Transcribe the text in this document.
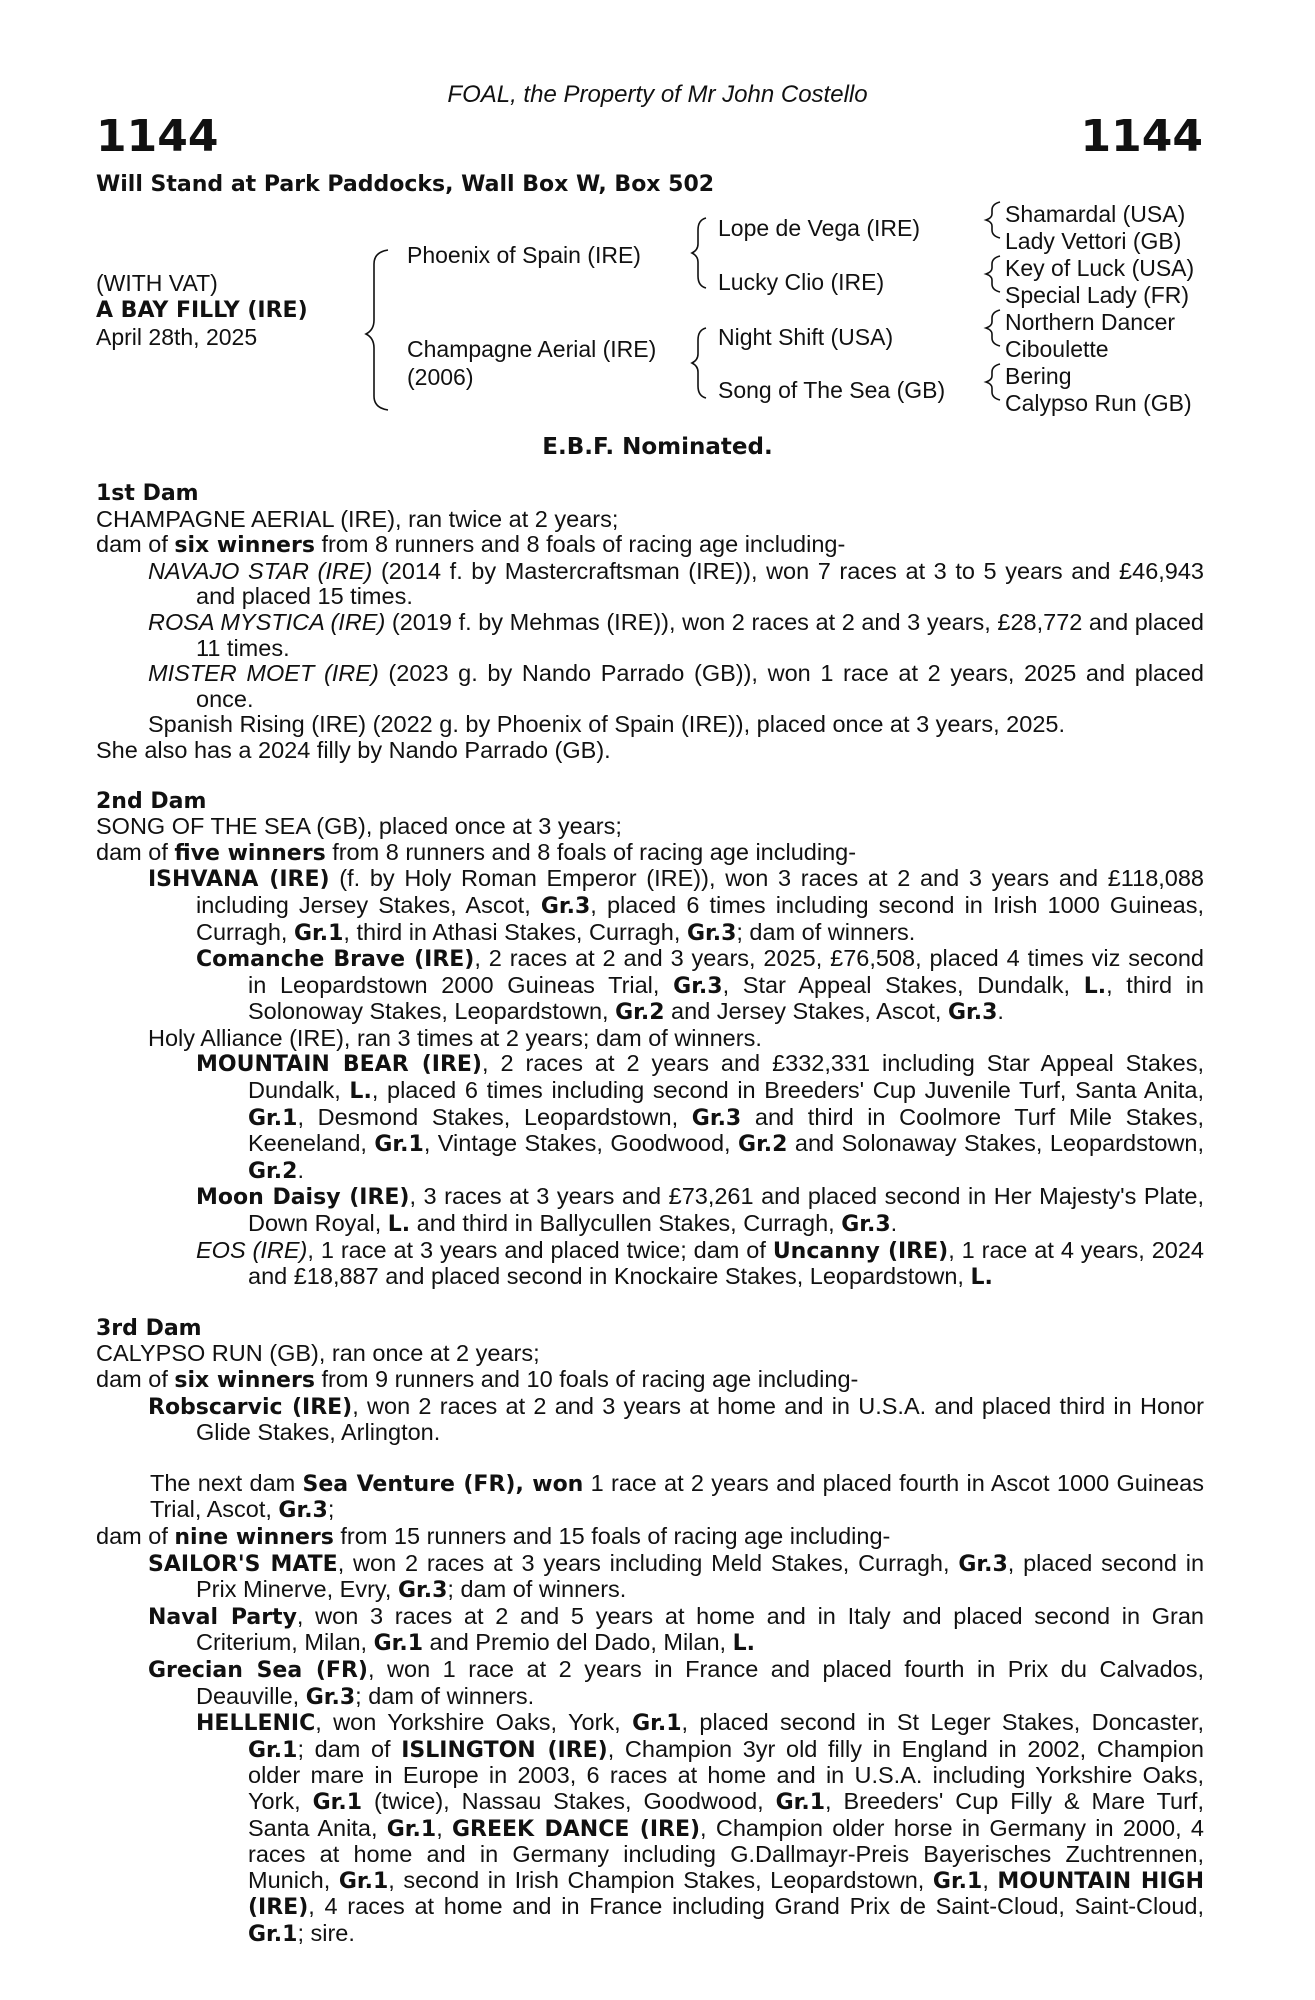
FOAL, the Property of Mr John Costello
1144	1144
Will Stand at Park Paddocks, Wall Box W, Box 502
(WITH VAT)
A BAY FILLY (IRE)
April 28th, 2025
Phoenix of Spain (IRE)
Champagne Aerial (IRE)
(2006)
Lope de Vega (IRE)
Lucky Clio (IRE)
Night Shift (USA)
Song of The Sea (GB)
Shamardal (USA)
Lady Vettori (GB)
Key of Luck (USA)
Special Lady (FR)
Northern Dancer
Ciboulette
Bering
Calypso Run (GB)
E.B.F. Nominated.
1st Dam
CHAMPAGNE AERIAL (IRE), ran twice at 2 years;
dam of six winners from 8 runners and 8 foals of racing age including-
NAVAJO STAR (IRE) (2014 f. by Mastercraftsman (IRE)), won 7 races at 3 to 5 years and £46,943 and placed 15 times.
ROSA MYSTICA (IRE) (2019 f. by Mehmas (IRE)), won 2 races at 2 and 3 years, £28,772 and placed 11 times.
MISTER MOET (IRE) (2023 g. by Nando Parrado (GB)), won 1 race at 2 years, 2025 and placed once.
Spanish Rising (IRE) (2022 g. by Phoenix of Spain (IRE)), placed once at 3 years, 2025.
She also has a 2024 filly by Nando Parrado (GB).
2nd Dam
SONG OF THE SEA (GB), placed once at 3 years;
dam of five winners from 8 runners and 8 foals of racing age including-
ISHVANA (IRE) (f. by Holy Roman Emperor (IRE)), won 3 races at 2 and 3 years and £118,088 including Jersey Stakes, Ascot, Gr.3, placed 6 times including second in Irish 1000 Guineas, Curragh, Gr.1, third in Athasi Stakes, Curragh, Gr.3; dam of winners.
Comanche Brave (IRE), 2 races at 2 and 3 years, 2025, £76,508, placed 4 times viz second in Leopardstown 2000 Guineas Trial, Gr.3, Star Appeal Stakes, Dundalk, L., third in Solonoway Stakes, Leopardstown, Gr.2 and Jersey Stakes, Ascot, Gr.3.
Holy Alliance (IRE), ran 3 times at 2 years; dam of winners.
MOUNTAIN BEAR (IRE), 2 races at 2 years and £332,331 including Star Appeal Stakes, Dundalk, L., placed 6 times including second in Breeders' Cup Juvenile Turf, Santa Anita, Gr.1, Desmond Stakes, Leopardstown, Gr.3 and third in Coolmore Turf Mile Stakes, Keeneland, Gr.1, Vintage Stakes, Goodwood, Gr.2 and Solonaway Stakes, Leopardstown, Gr.2.
Moon Daisy (IRE), 3 races at 3 years and £73,261 and placed second in Her Majesty's Plate, Down Royal, L. and third in Ballycullen Stakes, Curragh, Gr.3.
EOS (IRE), 1 race at 3 years and placed twice; dam of Uncanny (IRE), 1 race at 4 years, 2024 and £18,887 and placed second in Knockaire Stakes, Leopardstown, L.
3rd Dam
CALYPSO RUN (GB), ran once at 2 years;
dam of six winners from 9 runners and 10 foals of racing age including-
Robscarvic (IRE), won 2 races at 2 and 3 years at home and in U.S.A. and placed third in Honor Glide Stakes, Arlington.
The next dam Sea Venture (FR), won 1 race at 2 years and placed fourth in Ascot 1000 Guineas Trial, Ascot, Gr.3;
dam of nine winners from 15 runners and 15 foals of racing age including-
SAILOR'S MATE, won 2 races at 3 years including Meld Stakes, Curragh, Gr.3, placed second in Prix Minerve, Evry, Gr.3; dam of winners.
Naval Party, won 3 races at 2 and 5 years at home and in Italy and placed second in Gran Criterium, Milan, Gr.1 and Premio del Dado, Milan, L.
Grecian Sea (FR), won 1 race at 2 years in France and placed fourth in Prix du Calvados, Deauville, Gr.3; dam of winners.
HELLENIC, won Yorkshire Oaks, York, Gr.1, placed second in St Leger Stakes, Doncaster, Gr.1; dam of ISLINGTON (IRE), Champion 3yr old filly in England in 2002, Champion older mare in Europe in 2003, 6 races at home and in U.S.A. including Yorkshire Oaks, York, Gr.1 (twice), Nassau Stakes, Goodwood, Gr.1, Breeders' Cup Filly & Mare Turf, Santa Anita, Gr.1, GREEK DANCE (IRE), Champion older horse in Germany in 2000, 4 races at home and in Germany including G.Dallmayr-Preis Bayerisches Zuchtrennen, Munich, Gr.1, second in Irish Champion Stakes, Leopardstown, Gr.1, MOUNTAIN HIGH (IRE), 4 races at home and in France including Grand Prix de Saint-Cloud, Saint-Cloud, Gr.1; sire.
